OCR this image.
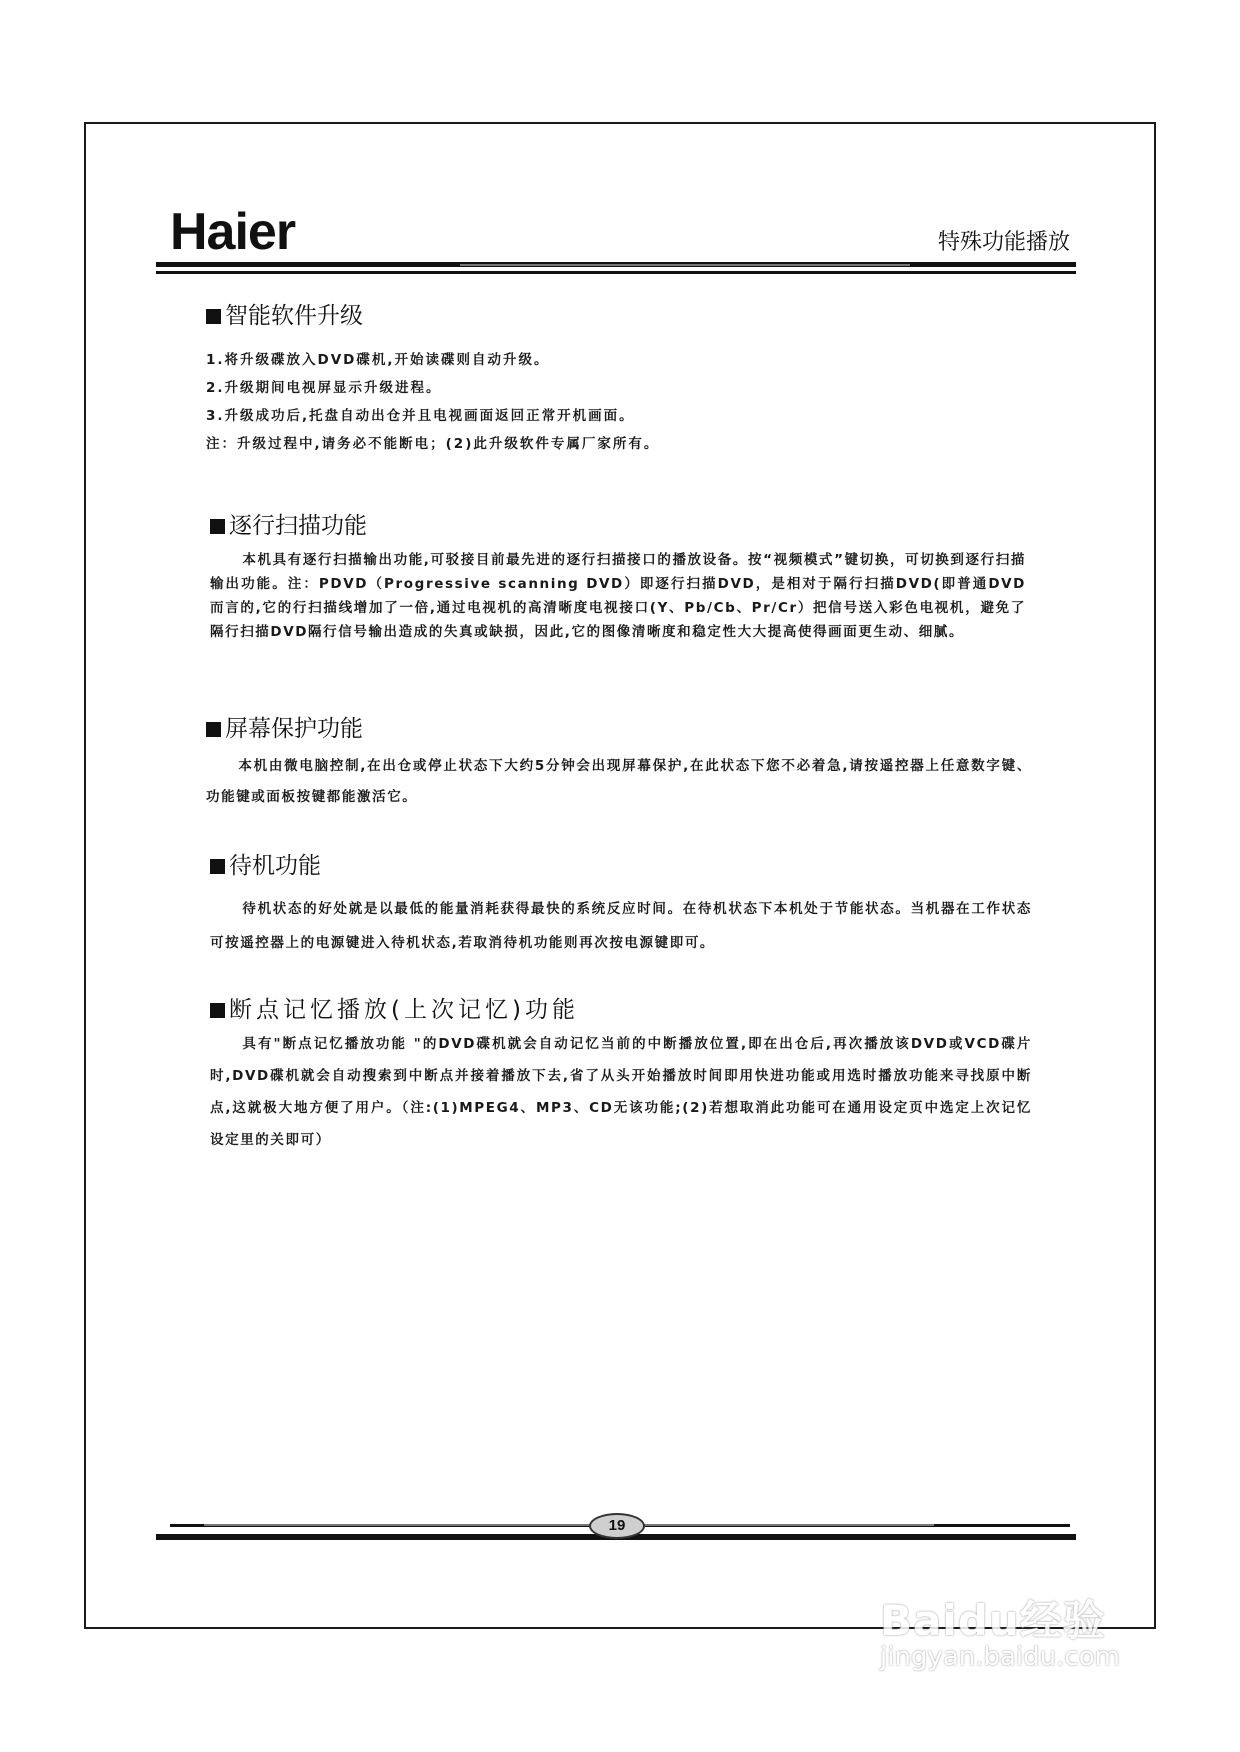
Haier	特殊功能播放
智能软件升级
1.将升级碟放入DVD碟机,开始读碟则自动升级。
2.升级期间电视屏显示升级进程。
3.升级成功后,托盘自动出仓并且电视画面返回正常开机画面。
注：升级过程中,请务必不能断电；(2)此升级软件专属厂家所有。
逐行扫描功能
本机具有逐行扫描输出功能,可驳接目前最先进的逐行扫描接口的播放设备。按“视频模式”键切换，可切换到逐行扫描输出功能。注：PDVD（Progressive scanning DVD）即逐行扫描DVD，是相对于隔行扫描DVD(即普通DVD而言的,它的行扫描线增加了一倍,通过电视机的高清晰度电视接口(Y、Pb/Cb、Pr/Cr）把信号送入彩色电视机，避免了隔行扫描DVD隔行信号输出造成的失真或缺损，因此,它的图像清晰度和稳定性大大提高使得画面更生动、细腻。
屏幕保护功能
本机由微电脑控制,在出仓或停止状态下大约5分钟会出现屏幕保护,在此状态下您不必着急,请按遥控器上任意数字键、功能键或面板按键都能激活它。
待机功能
待机状态的好处就是以最低的能量消耗获得最快的系统反应时间。在待机状态下本机处于节能状态。当机器在工作状态可按遥控器上的电源键进入待机状态,若取消待机功能则再次按电源键即可。
断点记忆播放(上次记忆)功能
具有"断点记忆播放功能 "的DVD碟机就会自动记忆当前的中断播放位置,即在出仓后,再次播放该DVD或VCD碟片时,DVD碟机就会自动搜索到中断点并接着播放下去,省了从头开始播放时间即用快进功能或用选时播放功能来寻找原中断点,这就极大地方便了用户。（注:(1)MPEG4、MP3、CD无该功能;(2)若想取消此功能可在通用设定页中选定上次记忆设定里的关即可）
19
Baidu经验
jingyan.baidu.com
